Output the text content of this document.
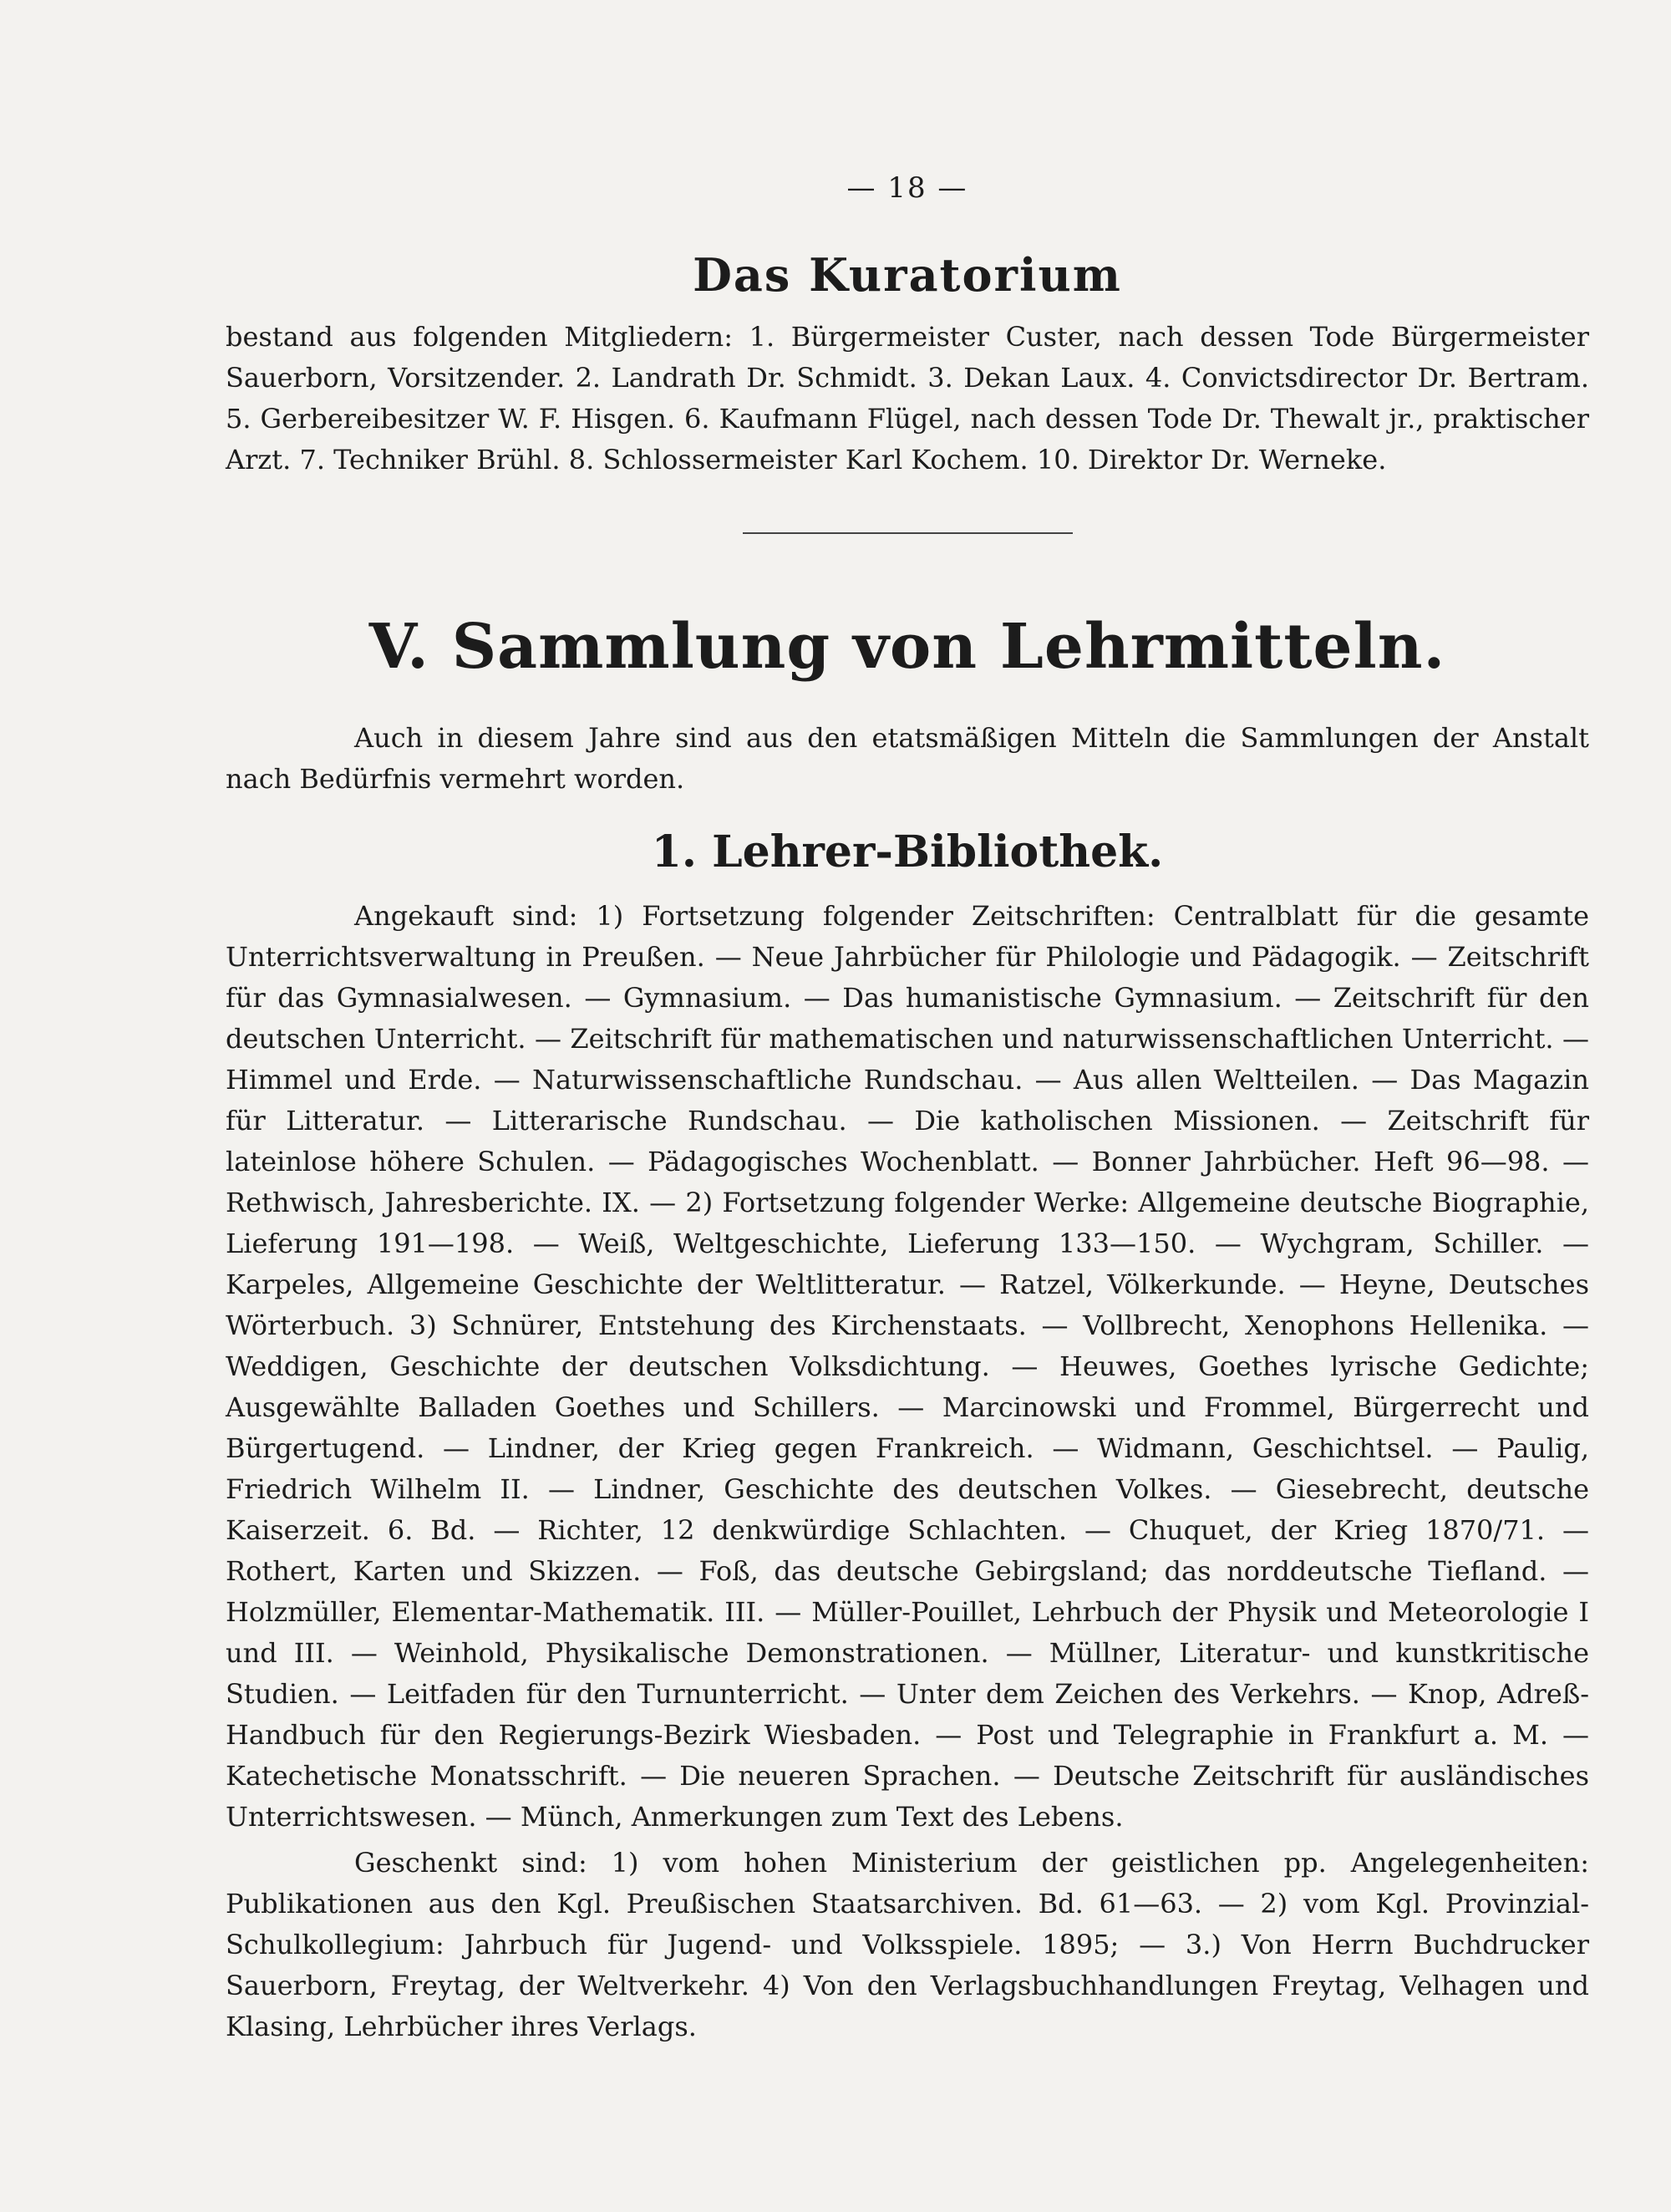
— 18 —
Das Kuratorium

bestand aus folgenden Mitgliedern: 1. Bürgermeister Custer, nach dessen Tode Bürgermeister Sauerborn, Vorsitzender. 2. Landrath Dr. Schmidt. 3. Dekan Laux. 4. Convictsdirector Dr. Bertram. 5. Gerbereibesitzer W. F. Hisgen. 6. Kaufmann Flügel, nach dessen Tode Dr. Thewalt jr., praktischer Arzt. 7. Techniker Brühl. 8. Schlossermeister Karl Kochem. 10. Direktor Dr. Werneke.

V. Sammlung von Lehrmitteln.

Auch in diesem Jahre sind aus den etatsmäßigen Mitteln die Sammlungen der Anstalt nach Bedürfnis vermehrt worden.

1. Lehrer-Bibliothek.

Angekauft sind: 1) Fortsetzung folgender Zeitschriften: Centralblatt für die gesamte Unterrichtsverwaltung in Preußen. — Neue Jahrbücher für Philologie und Pädagogik. — Zeitschrift für das Gymnasialwesen. — Gymnasium. — Das humanistische Gymnasium. — Zeitschrift für den deutschen Unterricht. — Zeitschrift für mathematischen und naturwissenschaftlichen Unterricht. — Himmel und Erde. — Naturwissenschaftliche Rundschau. — Aus allen Weltteilen. — Das Magazin für Litteratur. — Litterarische Rundschau. — Die katholischen Missionen. — Zeitschrift für lateinlose höhere Schulen. — Pädagogisches Wochenblatt. — Bonner Jahrbücher. Heft 96—98. — Rethwisch, Jahresberichte. IX. — 2) Fortsetzung folgender Werke: Allgemeine deutsche Biographie, Lieferung 191—198. — Weiß, Weltgeschichte, Lieferung 133—150. — Wychgram, Schiller. — Karpeles, Allgemeine Geschichte der Weltlitteratur. — Ratzel, Völkerkunde. — Heyne, Deutsches Wörterbuch. 3) Schnürer, Entstehung des Kirchenstaats. — Vollbrecht, Xenophons Hellenika. — Weddigen, Geschichte der deutschen Volksdichtung. — Heuwes, Goethes lyrische Gedichte; Ausgewählte Balladen Goethes und Schillers. — Marcinowski und Frommel, Bürgerrecht und Bürgertugend. — Lindner, der Krieg gegen Frankreich. — Widmann, Geschichtsel. — Paulig, Friedrich Wilhelm II. — Lindner, Geschichte des deutschen Volkes. — Giesebrecht, deutsche Kaiserzeit. 6. Bd. — Richter, 12 denkwürdige Schlachten. — Chuquet, der Krieg 1870/71. — Rothert, Karten und Skizzen. — Foß, das deutsche Gebirgsland; das norddeutsche Tiefland. — Holzmüller, Elementar-Mathematik. III. — Müller-Pouillet, Lehrbuch der Physik und Meteorologie I und III. — Weinhold, Physikalische Demonstrationen. — Müllner, Literatur- und kunstkritische Studien. — Leitfaden für den Turnunterricht. — Unter dem Zeichen des Verkehrs. — Knop, Adreß-Handbuch für den Regierungs-Bezirk Wiesbaden. — Post und Telegraphie in Frankfurt a. M. — Katechetische Monatsschrift. — Die neueren Sprachen. — Deutsche Zeitschrift für ausländisches Unterrichtswesen. — Münch, Anmerkungen zum Text des Lebens.

Geschenkt sind: 1) vom hohen Ministerium der geistlichen pp. Angelegenheiten: Publikationen aus den Kgl. Preußischen Staatsarchiven. Bd. 61—63. — 2) vom Kgl. Provinzial-Schulkollegium: Jahrbuch für Jugend- und Volksspiele. 1895; — 3.) Von Herrn Buchdrucker Sauerborn, Freytag, der Weltverkehr. 4) Von den Verlagsbuchhandlungen Freytag, Velhagen und Klasing, Lehrbücher ihres Verlags.
